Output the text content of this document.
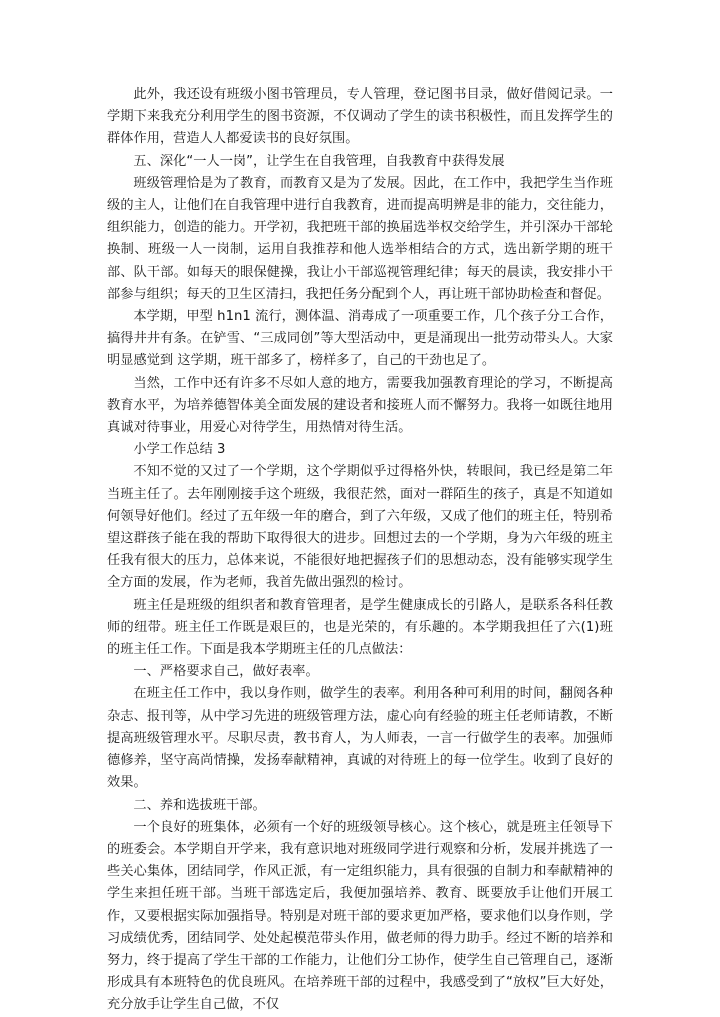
此外，我还设有班级小图书管理员，专人管理，登记图书目录，做好借阅记录。一学期下来我充分利用学生的图书资源，不仅调动了学生的读书积极性，而且发挥学生的群体作用，营造人人都爱读书的良好氛围。

五、深化“一人一岗”，让学生在自我管理，自我教育中获得发展

班级管理恰是为了教育，而教育又是为了发展。因此，在工作中，我把学生当作班级的主人，让他们在自我管理中进行自我教育，进而提高明辨是非的能力，交往能力，组织能力，创造的能力。开学初，我把班干部的换届选举权交给学生，并引深办干部轮换制、班级一人一岗制，运用自我推荐和他人选举相结合的方式，选出新学期的班干部、队干部。如每天的眼保健操，我让小干部巡视管理纪律；每天的晨读，我安排小干部参与组织；每天的卫生区清扫，我把任务分配到个人，再让班干部协助检查和督促。

本学期，甲型 h1n1 流行，测体温、消毒成了一项重要工作，几个孩子分工合作，搞得井井有条。在铲雪、“三成同创”等大型活动中，更是涌现出一批劳动带头人。大家明显感觉到 这学期，班干部多了，榜样多了，自己的干劲也足了。

当然，工作中还有许多不尽如人意的地方，需要我加强教育理论的学习，不断提高教育水平，为培养德智体美全面发展的建设者和接班人而不懈努力。我将一如既往地用真诚对待事业，用爱心对待学生，用热情对待生活。

小学工作总结 3

不知不觉的又过了一个学期，这个学期似乎过得格外快，转眼间，我已经是第二年当班主任了。去年刚刚接手这个班级，我很茫然，面对一群陌生的孩子，真是不知道如何领导好他们。经过了五年级一年的磨合，到了六年级，又成了他们的班主任，特别希望这群孩子能在我的帮助下取得很大的进步。回想过去的一个学期，身为六年级的班主任我有很大的压力，总体来说，不能很好地把握孩子们的思想动态，没有能够实现学生全方面的发展，作为老师，我首先做出强烈的检讨。

班主任是班级的组织者和教育管理者，是学生健康成长的引路人，是联系各科任教师的纽带。班主任工作既是艰巨的，也是光荣的，有乐趣的。本学期我担任了六(1)班的班主任工作。下面是我本学期班主任的几点做法：

一、严格要求自己，做好表率。

在班主任工作中，我以身作则，做学生的表率。利用各种可利用的时间，翻阅各种杂志、报刊等，从中学习先进的班级管理方法，虚心向有经验的班主任老师请教，不断提高班级管理水平。尽职尽责，教书育人，为人师表，一言一行做学生的表率。加强师德修养，坚守高尚情操，发扬奉献精神，真诚的对待班上的每一位学生。收到了良好的效果。

二、养和选拔班干部。

一个良好的班集体，必须有一个好的班级领导核心。这个核心，就是班主任领导下的班委会。本学期自开学来，我有意识地对班级同学进行观察和分析，发展并挑选了一些关心集体，团结同学，作风正派，有一定组织能力，具有很强的自制力和奉献精神的学生来担任班干部。当班干部选定后，我便加强培养、教育、既要放手让他们开展工作，又要根据实际加强指导。特别是对班干部的要求更加严格，要求他们以身作则，学习成绩优秀，团结同学、处处起模范带头作用，做老师的得力助手。经过不断的培养和努力，终于提高了学生干部的工作能力，让他们分工协作，使学生自己管理自己，逐渐形成具有本班特色的优良班风。在培养班干部的过程中，我感受到了“放权”巨大好处，充分放手让学生自己做，不仅
